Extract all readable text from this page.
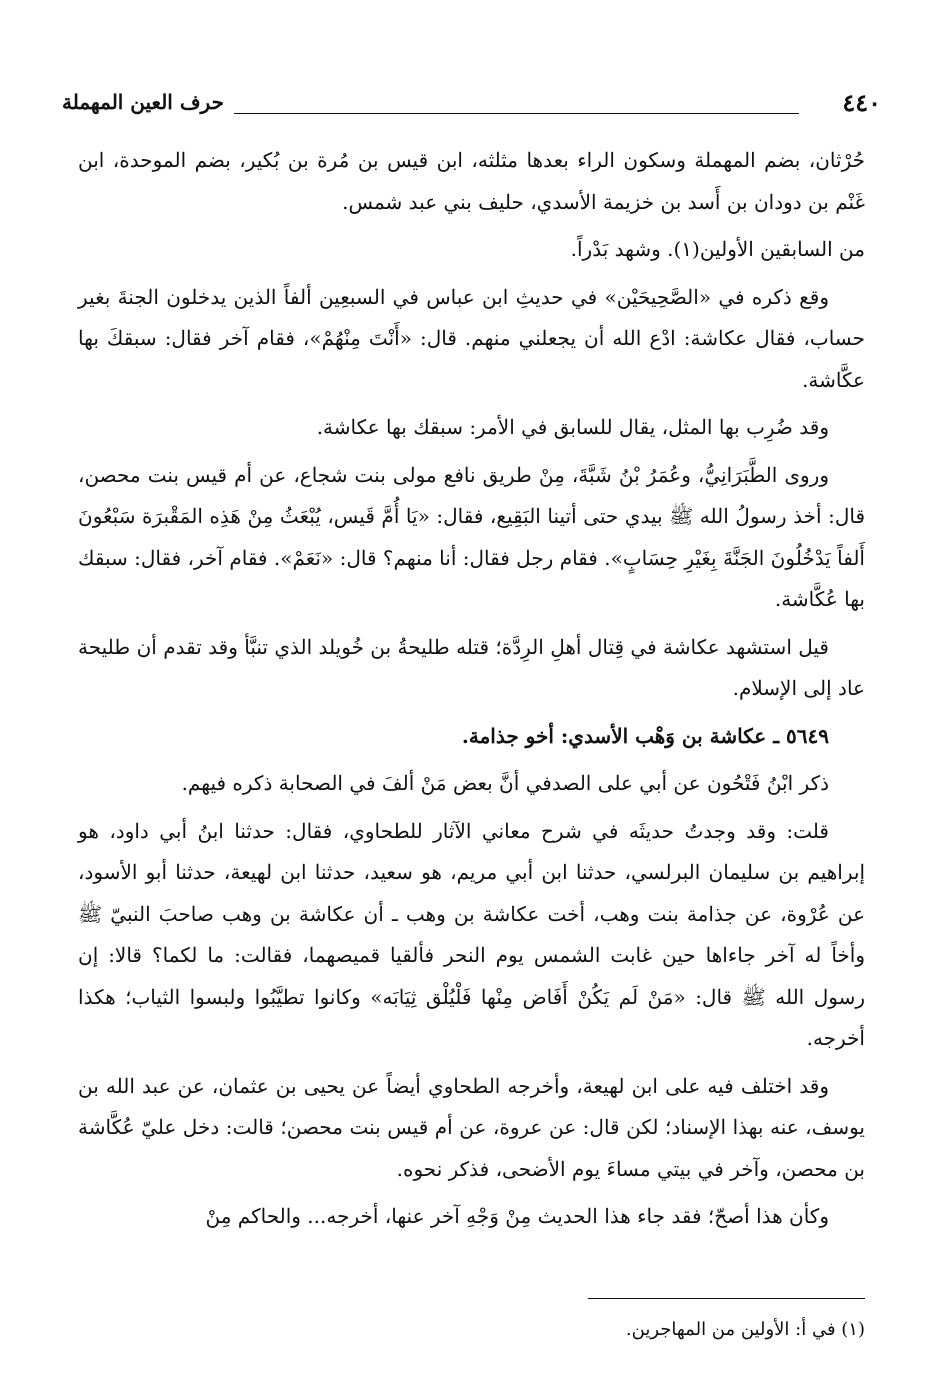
٤٤٠
حرف العين المهملة

حُرْثان، بضم المهملة وسكون الراء بعدها مثلثه، ابن قيس بن مُرة بن بُكير، بضم الموحدة، ابن غَنْم بن دودان بن أَسد بن خزيمة الأسدي، حليف بني عبد شمس.

من السابقين الأولين(١). وشهد بَدْراً.

وقع ذكره في «الصَّحِيحَيْن» في حديثِ ابن عباس في السبعِين ألفاً الذين يدخلون الجنةَ بغير حساب، فقال عكاشة: ادْع الله أن يجعلني منهم. قال: «أَنْتَ مِنْهُمْ»، فقام آخر فقال: سبقكَ بها عكَّاشة.

وقد ضُرِب بها المثل، يقال للسابق في الأمر: سبقك بها عكاشة.

وروى الطَّبَرَانِيُّ، وعُمَرُ بْنُ شَبَّةَ، مِنْ طريق نافع مولى بنت شجاع، عن أم قيس بنت محصن، قال: أخذ رسولُ الله ﷺ بيدي حتى أتينا البَقِيع، فقال: «يَا أُمَّ قَيس، يُبْعَثُ مِنْ هَذِه المَقْبرَة سَبْعُونَ أَلفاً يَدْخُلُونَ الجَنَّةَ بِغَيْرِ حِسَابٍ». فقام رجل فقال: أنا منهم؟ قال: «نَعَمْ». فقام آخر، فقال: سبقك بها عُكَّاشة.

قيل استشهد عكاشة في قِتال أهلِ الرِدَّة؛ قتله طليحةُ بن خُويلد الذي تنبَّأ وقد تقدم أن طليحة عاد إلى الإسلام.

٥٦٤٩ ـ عكاشة بن وَهْب الأسدي: أخو جذامة.

ذكر ابْنُ فَتْحُون عن أبي على الصدفي أنَّ بعض مَنْ ألفَ في الصحابة ذكره فيهم.

قلت: وقد وجدتُ حديثَه في شرح معاني الآثار للطحاوي، فقال: حدثنا ابنُ أبي داود، هو إبراهيم بن سليمان البرلسي، حدثنا ابن أبي مريم، هو سعيد، حدثنا ابن لهيعة، حدثنا أبو الأسود، عن عُرْوة، عن جذامة بنت وهب، أخت عكاشة بن وهب ـ أن عكاشة بن وهب صاحبَ النبيّ ﷺ وأخاً له آخر جاءاها حين غابت الشمس يوم النحر فألقيا قميصهما، فقالت: ما لكما؟ قالا: إن رسول الله ﷺ قال: «مَنْ لَم يَكُنْ أَفَاض مِنْها فَلْيُلْق ثِيَابَه» وكانوا تطيَّبُوا ولبسوا الثياب؛ هكذا أخرجه.

وقد اختلف فيه على ابن لهيعة، وأخرجه الطحاوي أيضاً عن يحيى بن عثمان، عن عبد الله بن يوسف، عنه بهذا الإسناد؛ لكن قال: عن عروة، عن أم قيس بنت محصن؛ قالت: دخل عليّ عُكَّاشة بن محصن، وآخر في بيتي مساءَ يوم الأضحى، فذكر نحوه.

وكأن هذا أصحّ؛ فقد جاء هذا الحديث مِنْ وَجْهِ آخر عنها، أخرجه... والحاكم مِنْ

(١) في أ: الأولين من المهاجرين.
